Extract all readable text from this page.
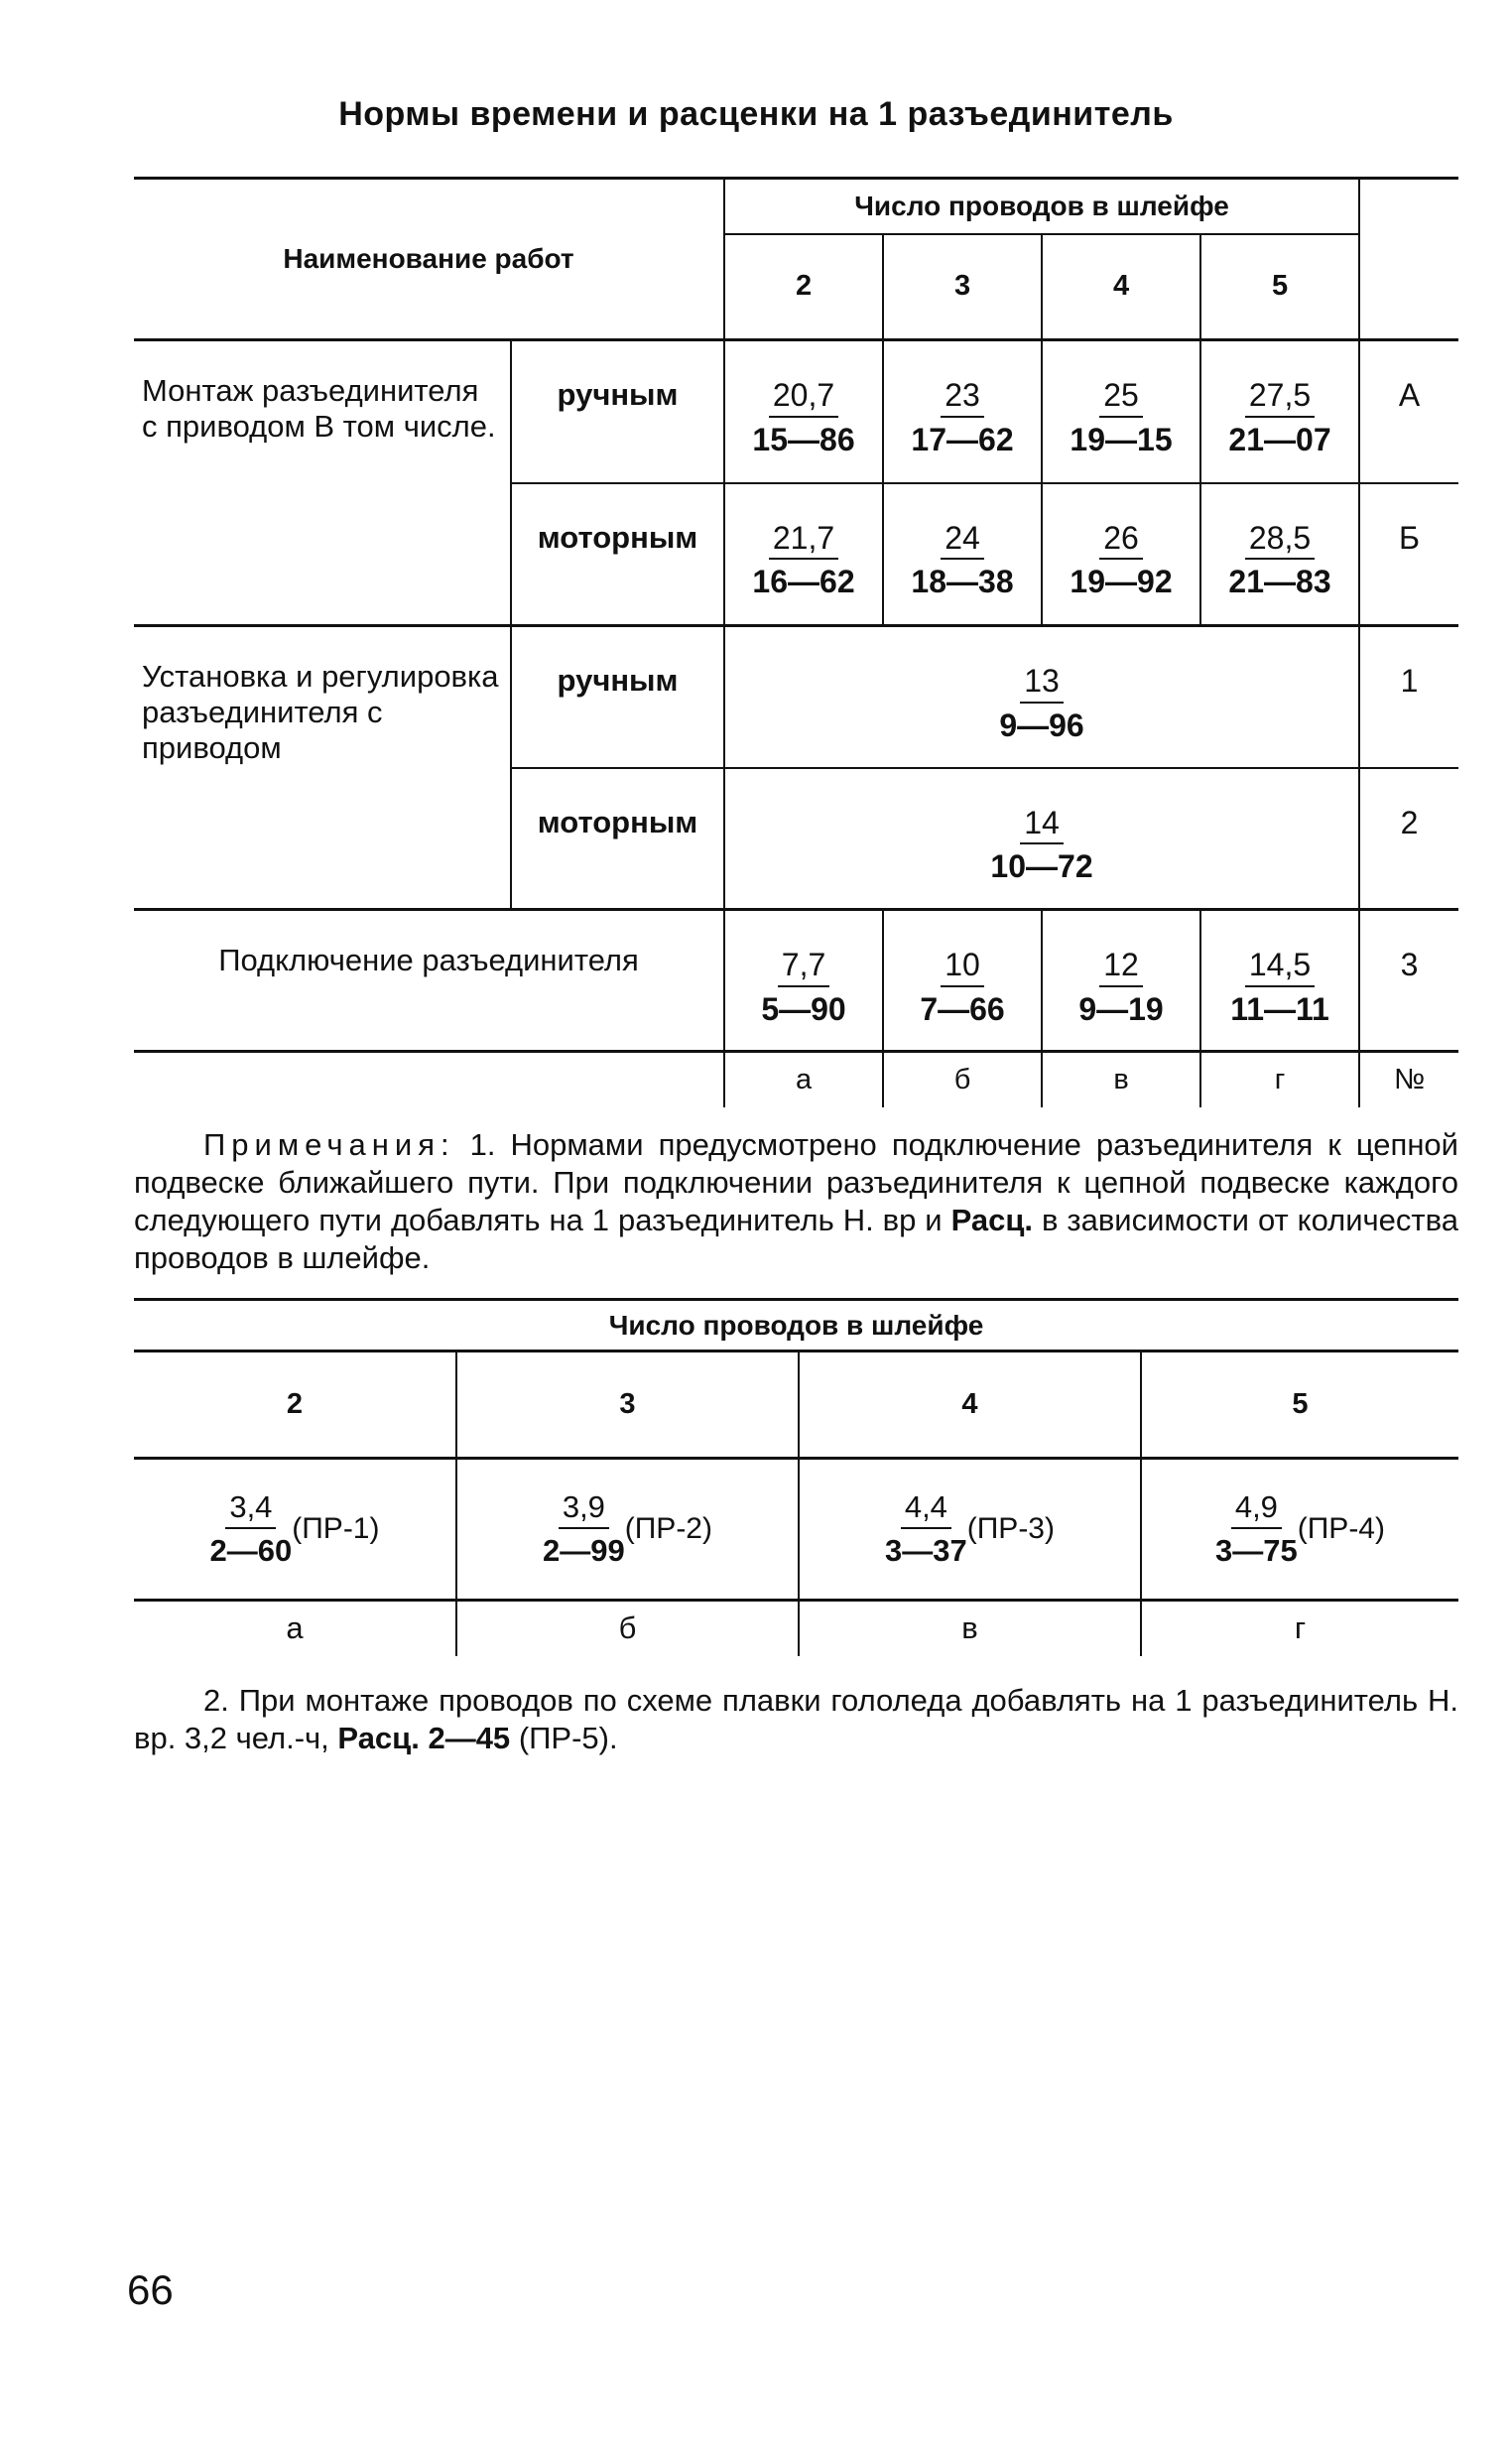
Нормы времени и расценки на 1 разъединитель
Наименование работ		Число проводов в шлейфе				
		2	3	4	5	
Монтаж разъединителя с приводом В том числе.	ручным	$\frac{20,7}{15—86}$	$\frac{23}{17—62}$	$\frac{25}{19—15}$	$\frac{27,5}{21—07}$	А
	моторным	$\frac{21,7}{16—62}$	$\frac{24}{18—38}$	$\frac{26}{19—92}$	$\frac{28,5}{21—83}$	Б
Установка и регулировка разъединителя с приводом	ручным	$\frac{13}{9—96}$				1
	моторным	$\frac{14}{10—72}$				2
Подключение разъединителя		$\frac{7,7}{5—90}$	$\frac{10}{7—66}$	$\frac{12}{9—19}$	$\frac{14,5}{11—11}$	3
		а	б	в	г	№
Примечания: 1. Нормами предусмотрено подключение разъединителя к цепной подвеске ближайшего пути. При подключении разъединителя к цепной подвеске каждого следующего пути добавлять на 1 разъединитель Н. вр и Расц. в зависимости от количества проводов в шлейфе.
Число проводов в шлейфе			
2	3	4	5

$\frac{3,4}{2—60} (ПР-1)$	$\frac{3,9}{2—99} (ПР-2)$	$\frac{4,4}{3—37} (ПР-3)$	$\frac{4,9}{3—75} (ПР-4)$
а	б	в	г
2. При монтаже проводов по схеме плавки гололеда добавлять на 1 разъединитель Н. вр. 3,2 чел.-ч, Расц. 2—45 (ПР-5).
66
